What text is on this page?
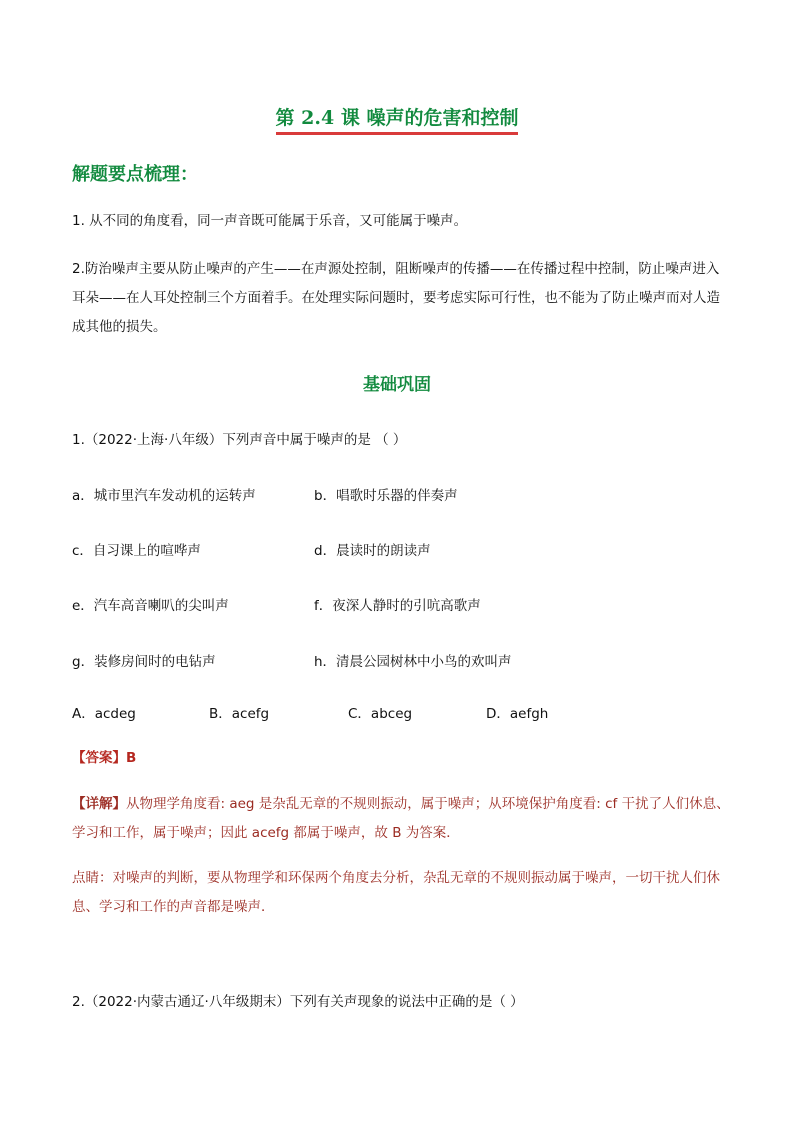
第 2.4 课 噪声的危害和控制
解题要点梳理：
1. 从不同的角度看，同一声音既可能属于乐音，又可能属于噪声。
2.防治噪声主要从防止噪声的产生——在声源处控制，阻断噪声的传播——在传播过程中控制，防止噪声进入耳朵——在人耳处控制三个方面着手。在处理实际问题时，要考虑实际可行性，也不能为了防止噪声而对人造成其他的损失。
基础巩固
1.（2022·上海·八年级）下列声音中属于噪声的是 （ ）
a．城市里汽车发动机的运转声	b．唱歌时乐器的伴奏声
c．自习课上的喧哗声	d．晨读时的朗读声
e．汽车高音喇叭的尖叫声	f．夜深人静时的引吭高歌声
g．装修房间时的电钻声	h．清晨公园树林中小鸟的欢叫声
A．acdeg	B．acefg	C．abceg	D．aefgh
【答案】B
【详解】从物理学角度看: aeg 是杂乱无章的不规则振动，属于噪声；从环境保护角度看: cf 干扰了人们休息、学习和工作，属于噪声；因此 acefg 都属于噪声，故 B 为答案．
点睛：对噪声的判断，要从物理学和环保两个角度去分析，杂乱无章的不规则振动属于噪声，一切干扰人们休息、学习和工作的声音都是噪声．
2.（2022·内蒙古通辽·八年级期末）下列有关声现象的说法中正确的是（ ）
